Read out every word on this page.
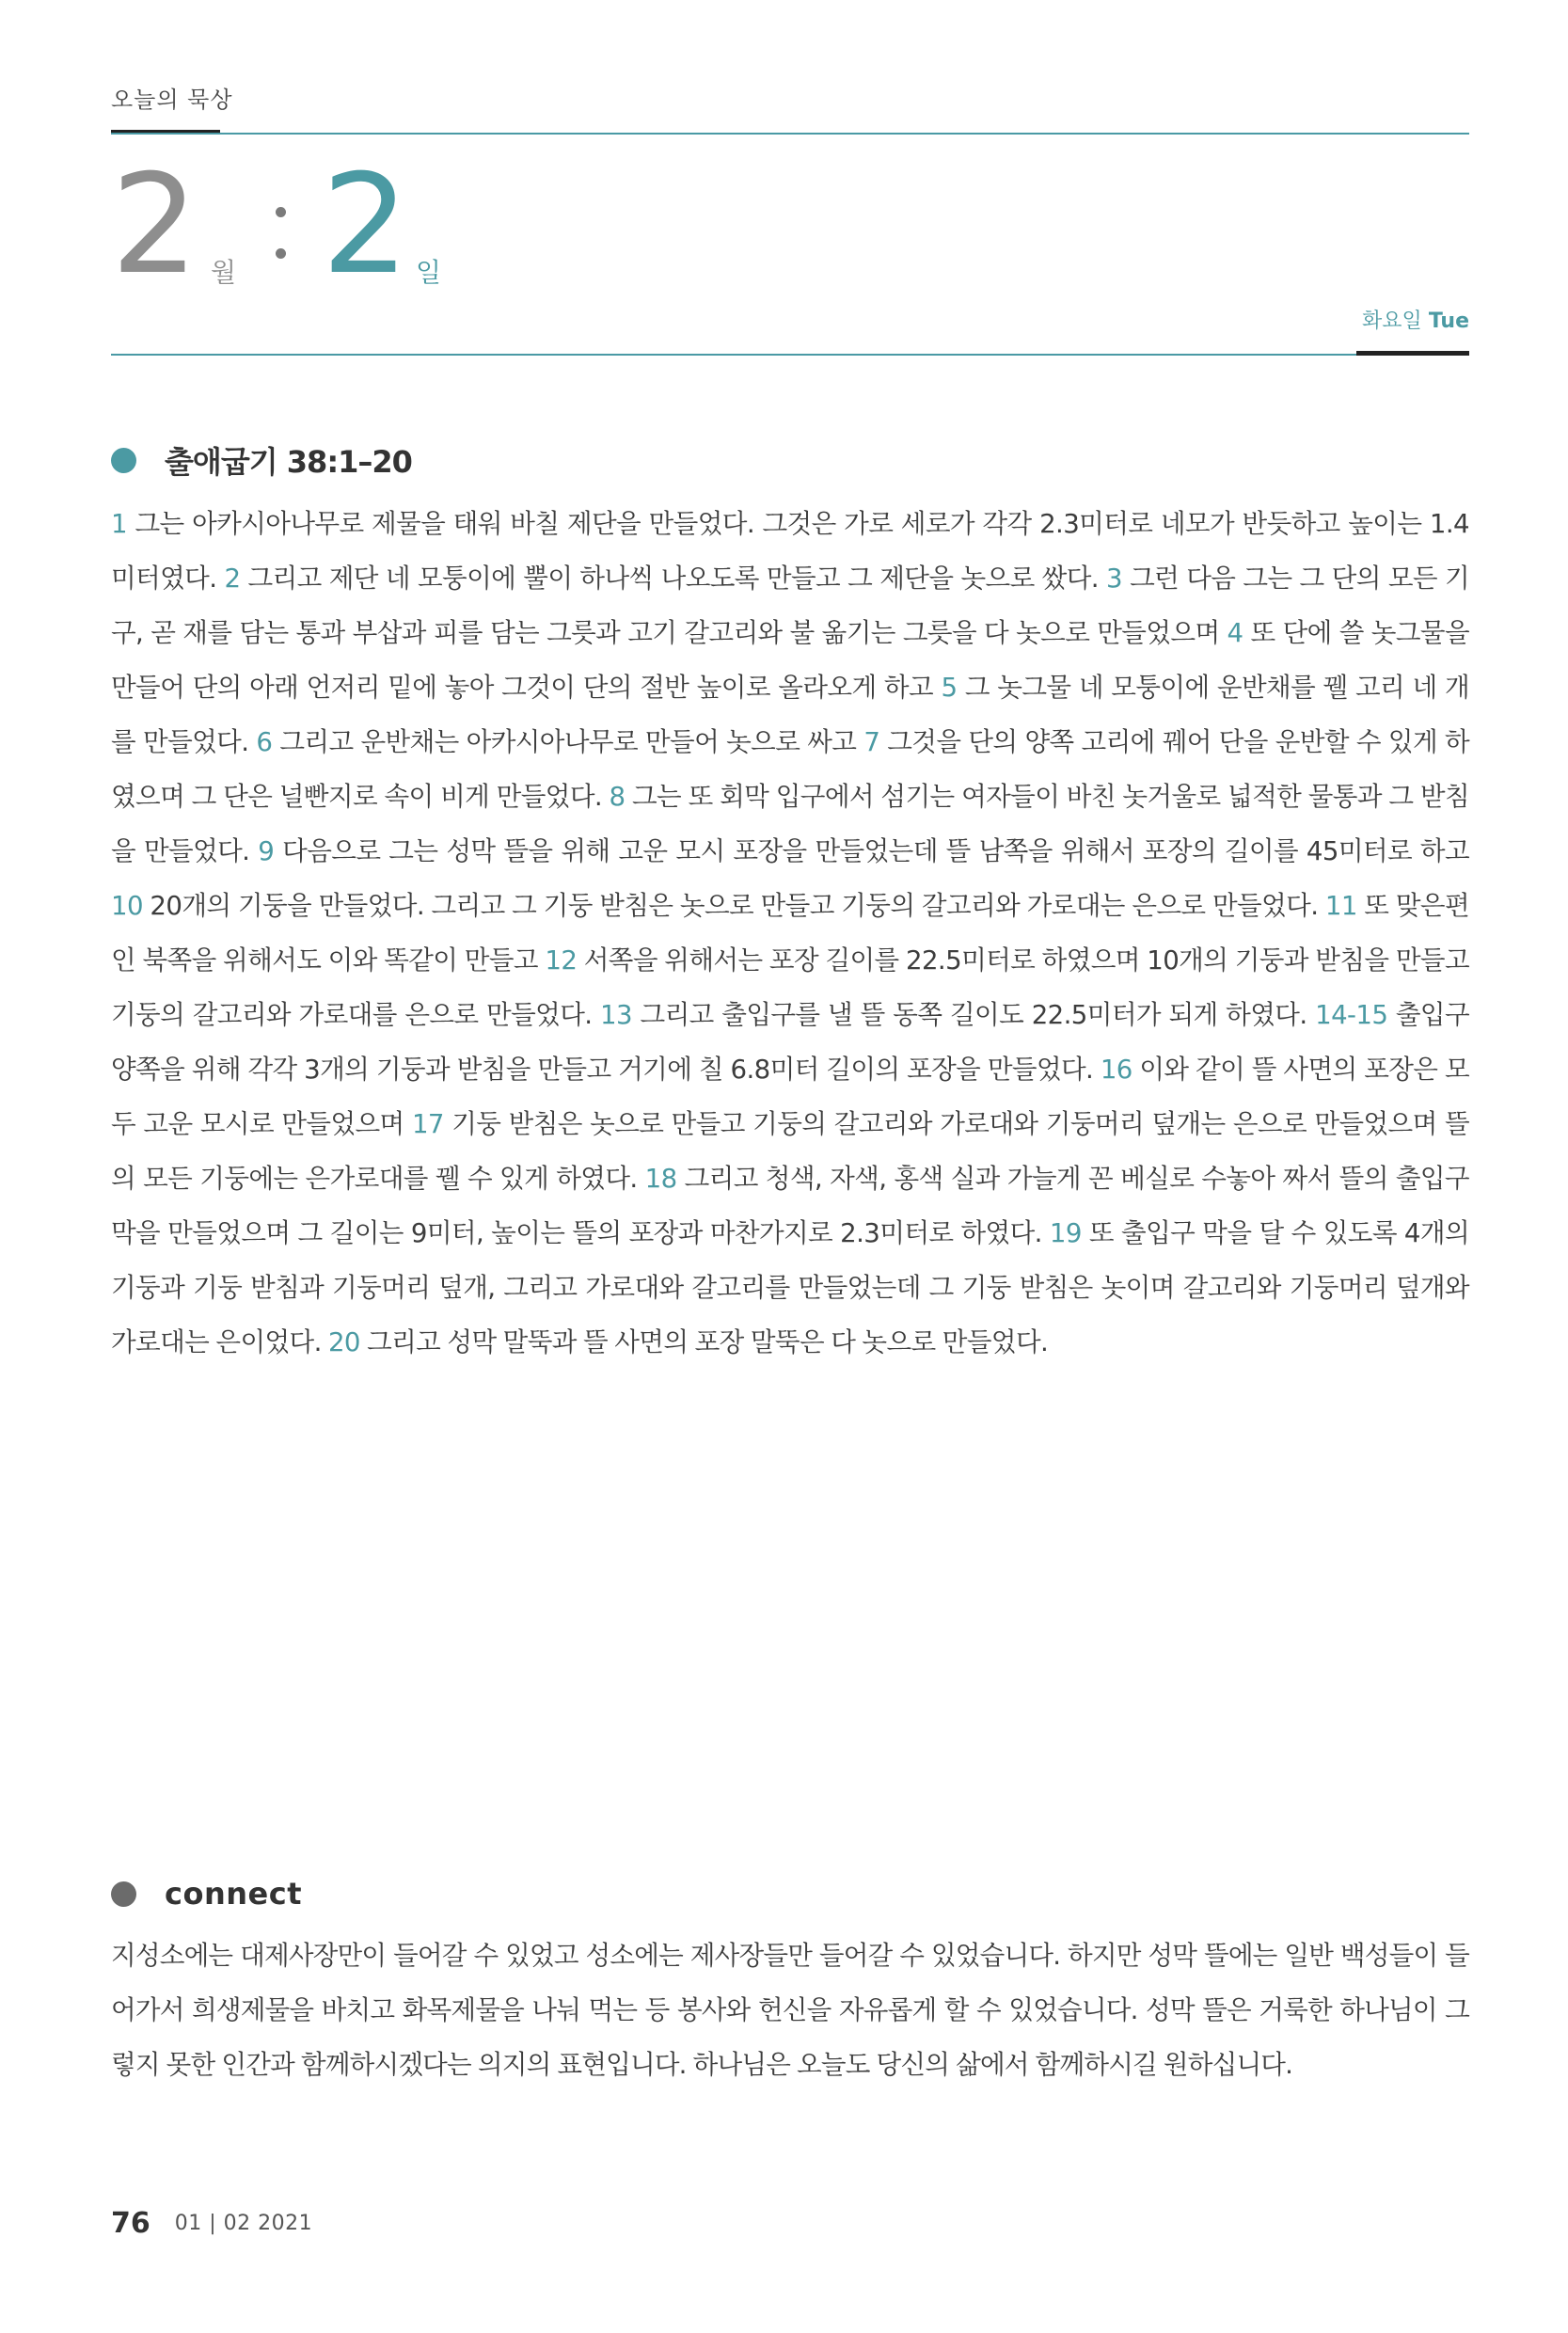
오늘의 묵상
2 월 2 일
화요일 Tue
출애굽기 38:1–20
1 그는 아카시아나무로 제물을 태워 바칠 제단을 만들었다. 그것은 가로 세로가 각각 2.3미터로 네모가 반듯하고 높이는 1.4미터였다. 2 그리고 제단 네 모퉁이에 뿔이 하나씩 나오도록 만들고 그 제단을 놋으로 쌌다. 3 그런 다음 그는 그 단의 모든 기구, 곧 재를 담는 통과 부삽과 피를 담는 그릇과 고기 갈고리와 불 옮기는 그릇을 다 놋으로 만들었으며 4 또 단에 쓸 놋그물을 만들어 단의 아래 언저리 밑에 놓아 그것이 단의 절반 높이로 올라오게 하고 5 그 놋그물 네 모퉁이에 운반채를 꿸 고리 네 개를 만들었다. 6 그리고 운반채는 아카시아나무로 만들어 놋으로 싸고 7 그것을 단의 양쪽 고리에 꿰어 단을 운반할 수 있게 하였으며 그 단은 널빤지로 속이 비게 만들었다. 8 그는 또 회막 입구에서 섬기는 여자들이 바친 놋거울로 넓적한 물통과 그 받침을 만들었다. 9 다음으로 그는 성막 뜰을 위해 고운 모시 포장을 만들었는데 뜰 남쪽을 위해서 포장의 길이를 45미터로 하고 10 20개의 기둥을 만들었다. 그리고 그 기둥 받침은 놋으로 만들고 기둥의 갈고리와 가로대는 은으로 만들었다. 11 또 맞은편인 북쪽을 위해서도 이와 똑같이 만들고 12 서쪽을 위해서는 포장 길이를 22.5미터로 하였으며 10개의 기둥과 받침을 만들고 기둥의 갈고리와 가로대를 은으로 만들었다. 13 그리고 출입구를 낼 뜰 동쪽 길이도 22.5미터가 되게 하였다. 14-15 출입구 양쪽을 위해 각각 3개의 기둥과 받침을 만들고 거기에 칠 6.8미터 길이의 포장을 만들었다. 16 이와 같이 뜰 사면의 포장은 모두 고운 모시로 만들었으며 17 기둥 받침은 놋으로 만들고 기둥의 갈고리와 가로대와 기둥머리 덮개는 은으로 만들었으며 뜰의 모든 기둥에는 은가로대를 꿸 수 있게 하였다. 18 그리고 청색, 자색, 홍색 실과 가늘게 꼰 베실로 수놓아 짜서 뜰의 출입구 막을 만들었으며 그 길이는 9미터, 높이는 뜰의 포장과 마찬가지로 2.3미터로 하였다. 19 또 출입구 막을 달 수 있도록 4개의 기둥과 기둥 받침과 기둥머리 덮개, 그리고 가로대와 갈고리를 만들었는데 그 기둥 받침은 놋이며 갈고리와 기둥머리 덮개와 가로대는 은이었다. 20 그리고 성막 말뚝과 뜰 사면의 포장 말뚝은 다 놋으로 만들었다.
connect
지성소에는 대제사장만이 들어갈 수 있었고 성소에는 제사장들만 들어갈 수 있었습니다. 하지만 성막 뜰에는 일반 백성들이 들어가서 희생제물을 바치고 화목제물을 나눠 먹는 등 봉사와 헌신을 자유롭게 할 수 있었습니다. 성막 뜰은 거룩한 하나님이 그렇지 못한 인간과 함께하시겠다는 의지의 표현입니다. 하나님은 오늘도 당신의 삶에서 함께하시길 원하십니다.
76 01 | 02 2021
